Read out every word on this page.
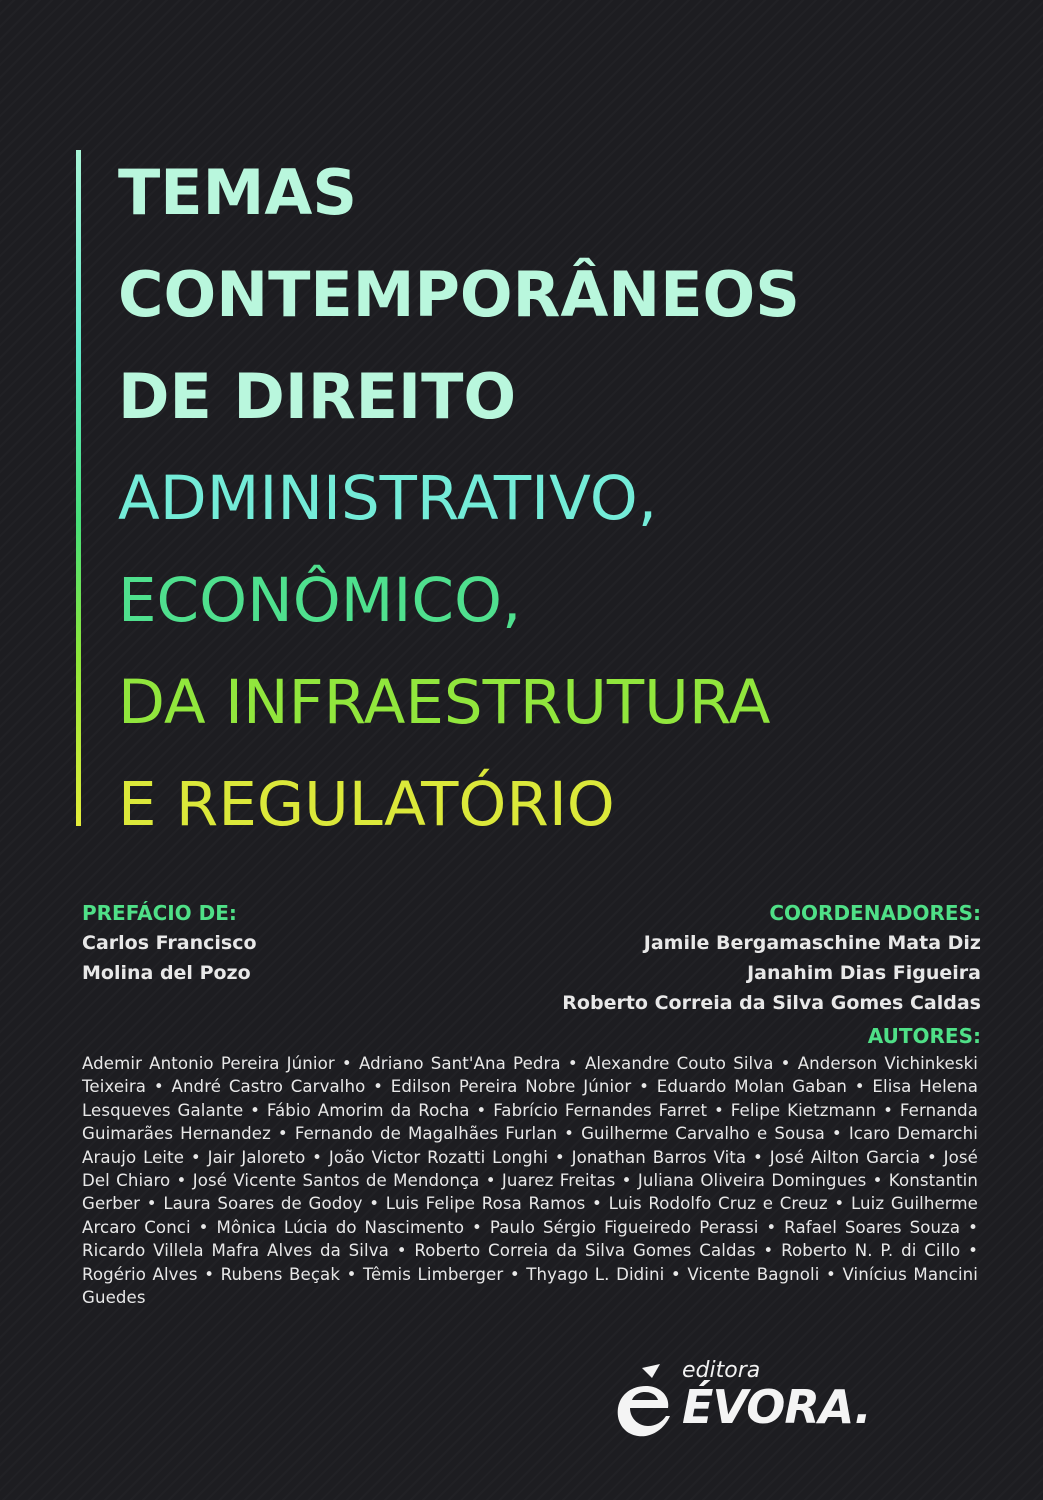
TEMAS
CONTEMPORÂNEOS
DE DIREITO
ADMINISTRATIVO,
ECONÔMICO,
DA INFRAESTRUTURA
E REGULATÓRIO
PREFÁCIO DE:
Carlos Francisco
Molina del Pozo
COORDENADORES:
Jamile Bergamaschine Mata Diz
Janahim Dias Figueira
Roberto Correia da Silva Gomes Caldas
AUTORES:
Ademir Antonio Pereira Júnior • Adriano Sant'Ana Pedra • Alexandre Couto Silva • Anderson Vichinkeski Teixeira • André Castro Carvalho • Edilson Pereira Nobre Júnior • Eduardo Molan Gaban • Elisa Helena Lesqueves Galante • Fábio Amorim da Rocha • Fabrício Fernandes Farret • Felipe Kietzmann • Fernanda Guimarães Hernandez • Fernando de Magalhães Furlan • Guilherme Carvalho e Sousa • Icaro Demarchi Araujo Leite • Jair Jaloreto • João Victor Rozatti Longhi • Jonathan Barros Vita • José Ailton Garcia • José Del Chiaro • José Vicente Santos de Mendonça • Juarez Freitas • Juliana Oliveira Domingues • Konstantin Gerber • Laura Soares de Godoy • Luis Felipe Rosa Ramos • Luis Rodolfo Cruz e Creuz • Luiz Guilherme Arcaro Conci • Mônica Lúcia do Nascimento • Paulo Sérgio Figueiredo Perassi • Rafael Soares Souza • Ricardo Villela Mafra Alves da Silva • Roberto Correia da Silva Gomes Caldas • Roberto N. P. di Cillo • Rogério Alves • Rubens Beçak • Têmis Limberger • Thyago L. Didini • Vicente Bagnoli • Vinícius Mancini Guedes
editora
ÉVORA.
